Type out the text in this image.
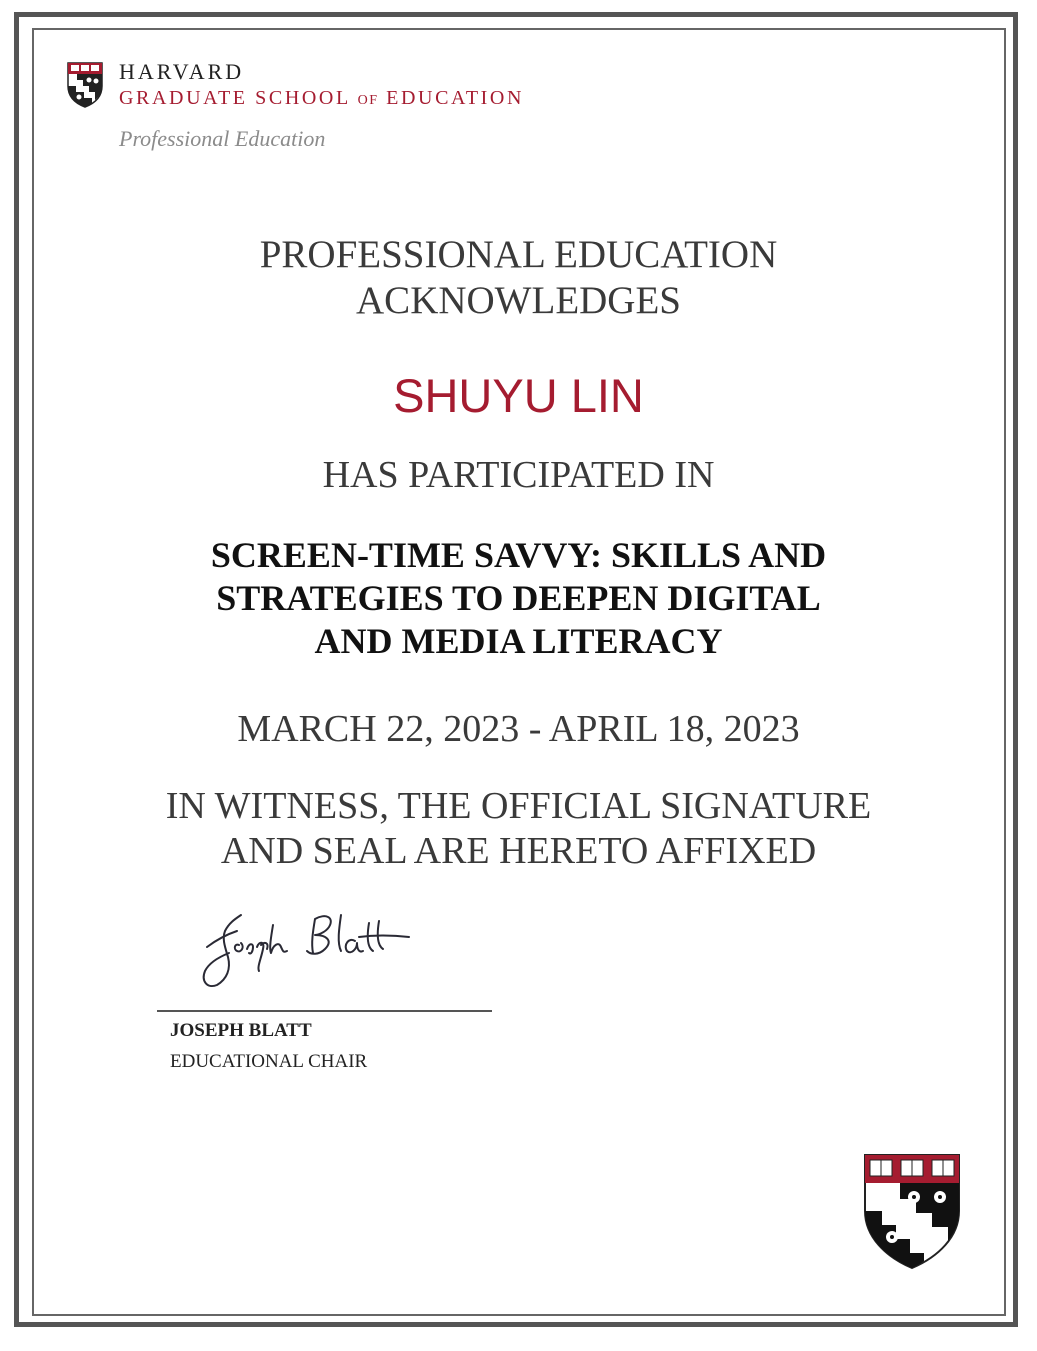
HARVARD
GRADUATE SCHOOL OF EDUCATION
Professional Education
PROFESSIONAL EDUCATION
ACKNOWLEDGES
SHUYU LIN
HAS PARTICIPATED IN
SCREEN-TIME SAVVY: SKILLS AND
STRATEGIES TO DEEPEN DIGITAL
AND MEDIA LITERACY
MARCH 22, 2023 - APRIL 18, 2023
IN WITNESS, THE OFFICIAL SIGNATURE
AND SEAL ARE HERETO AFFIXED
JOSEPH BLATT
EDUCATIONAL CHAIR
